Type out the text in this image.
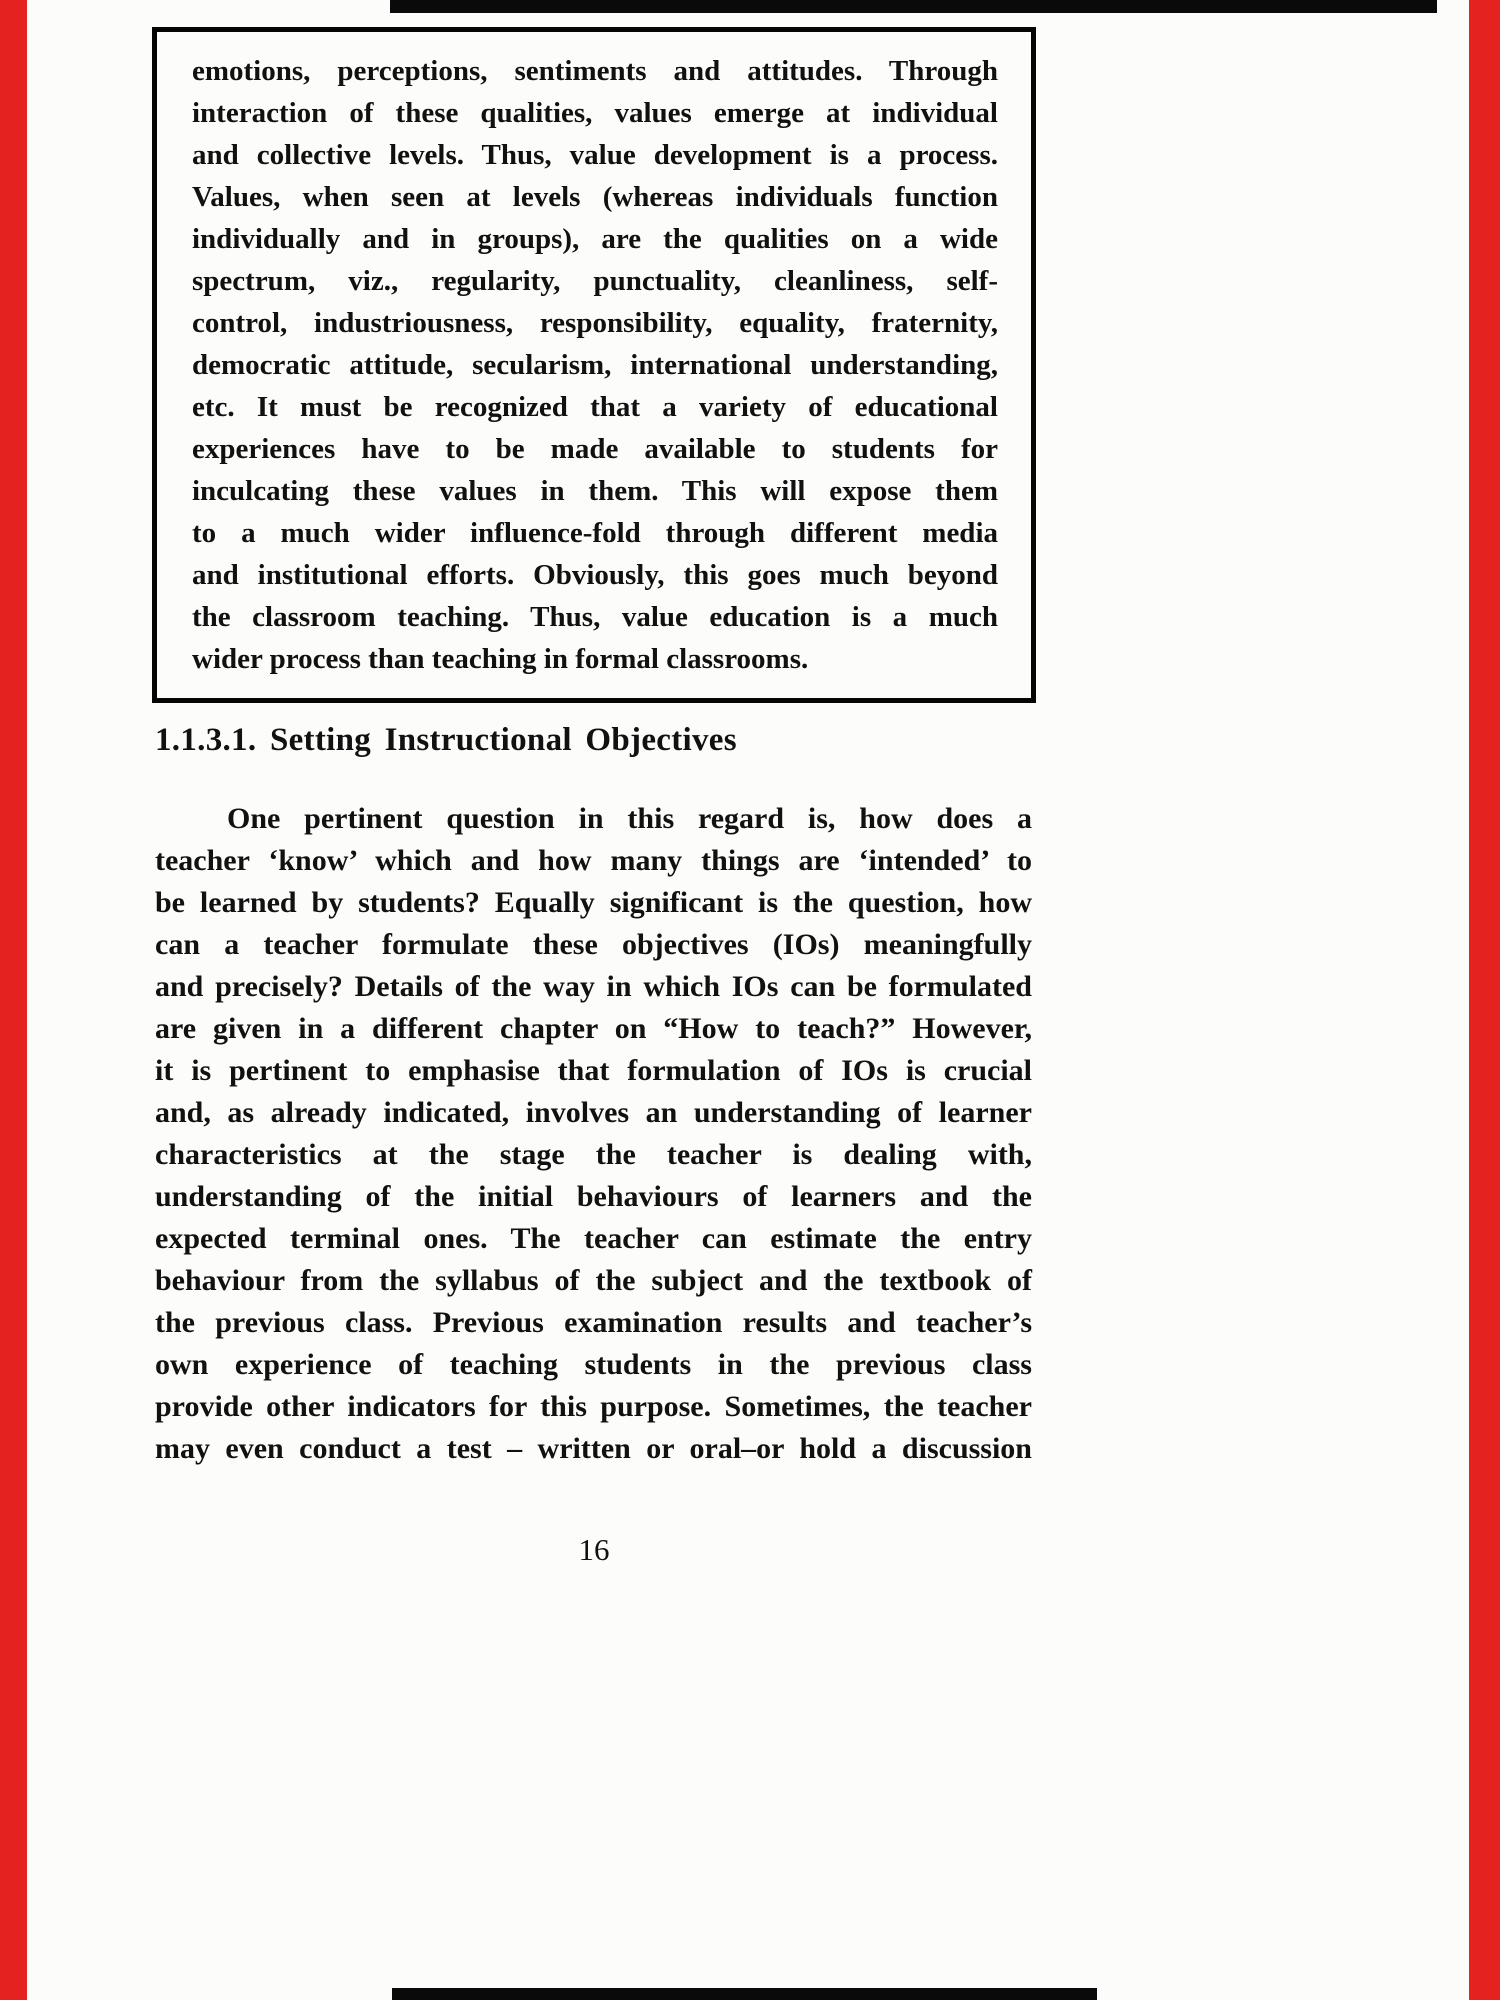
emotions, perceptions, sentiments and attitudes. Through
interaction of these qualities, values emerge at individual
and collective levels. Thus, value development is a process.
Values, when seen at levels (whereas individuals function
individually and in groups), are the qualities on a wide
spectrum, viz., regularity, punctuality, cleanliness, self-
control, industriousness, responsibility, equality, fraternity,
democratic attitude, secularism, international understanding,
etc. It must be recognized that a variety of educational
experiences have to be made available to students for
inculcating these values in them. This will expose them
to a much wider influence-fold through different media
and institutional efforts. Obviously, this goes much beyond
the classroom teaching. Thus, value education is a much
wider process than teaching in formal classrooms.
1.1.3.1. Setting Instructional Objectives
One pertinent question in this regard is, how does a
teacher ‘know’ which and how many things are ‘intended’ to
be learned by students? Equally significant is the question, how
can a teacher formulate these objectives (IOs) meaningfully
and precisely? Details of the way in which IOs can be formulated
are given in a different chapter on “How to teach?” However,
it is pertinent to emphasise that formulation of IOs is crucial
and, as already indicated, involves an understanding of learner
characteristics at the stage the teacher is dealing with,
understanding of the initial behaviours of learners and the
expected terminal ones. The teacher can estimate the entry
behaviour from the syllabus of the subject and the textbook of
the previous class. Previous examination results and teacher’s
own experience of teaching students in the previous class
provide other indicators for this purpose. Sometimes, the teacher
may even conduct a test – written or oral–or hold a discussion
16
